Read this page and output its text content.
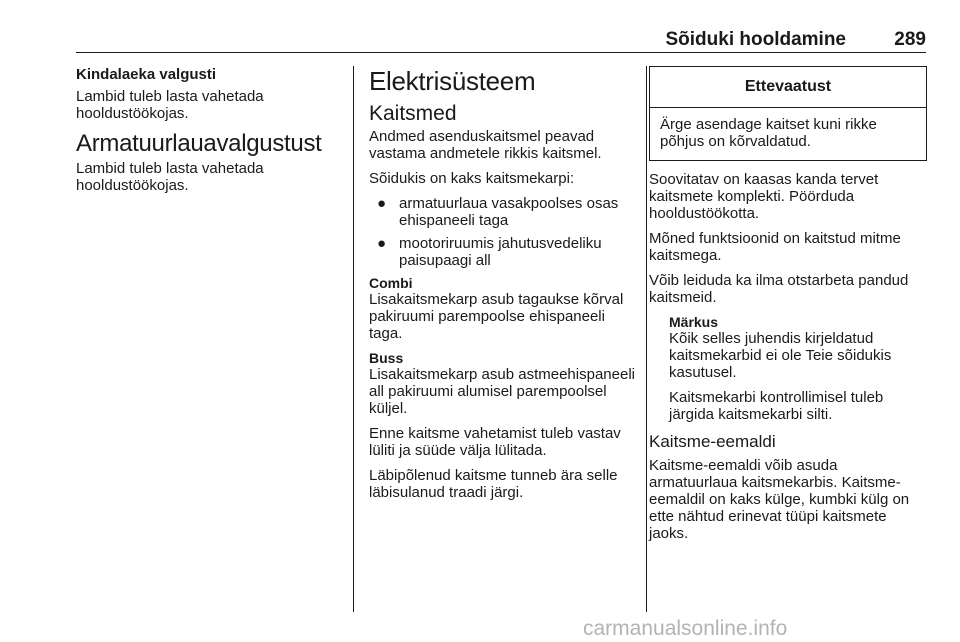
Sõiduki hooldamine	289
Kindalaeka valgusti
Lambid tuleb lasta vahetada hooldustöökojas.
Armatuurlauavalgustust
Lambid tuleb lasta vahetada hooldustöökojas.
Elektrisüsteem
Kaitsmed
Andmed asenduskaitsmel peavad vastama andmetele rikkis kaitsmel.
Sõidukis on kaks kaitsmekarpi:
● armatuurlaua vasakpoolses osas ehispaneeli taga
● mootoriruumis jahutusvedeliku paisupaagi all
Combi
Lisakaitsmekarp asub tagaukse kõrval pakiruumi parempoolse ehispaneeli taga.
Buss
Lisakaitsmekarp asub astmeehispaneeli all pakiruumi alumisel parempoolsel küljel.
Enne kaitsme vahetamist tuleb vastav lüliti ja süüde välja lülitada.
Läbipõlenud kaitsme tunneb ära selle läbisulanud traadi järgi.
Ettevaatust
Ärge asendage kaitset kuni rikke põhjus on kõrvaldatud.
Soovitatav on kaasas kanda tervet kaitsmete komplekti. Pöörduda hooldustöökotta.
Mõned funktsioonid on kaitstud mitme kaitsmega.
Võib leiduda ka ilma otstarbeta pandud kaitsmeid.
Märkus
Kõik selles juhendis kirjeldatud kaitsmekarbid ei ole Teie sõidukis kasutusel.
Kaitsmekarbi kontrollimisel tuleb järgida kaitsmekarbi silti.
Kaitsme-eemaldi
Kaitsme-eemaldi võib asuda armatuurlaua kaitsmekarbis. Kaitsme-eemaldil on kaks külge, kumbki külg on ette nähtud erinevat tüüpi kaitsmete jaoks.
carmanualsonline.info
